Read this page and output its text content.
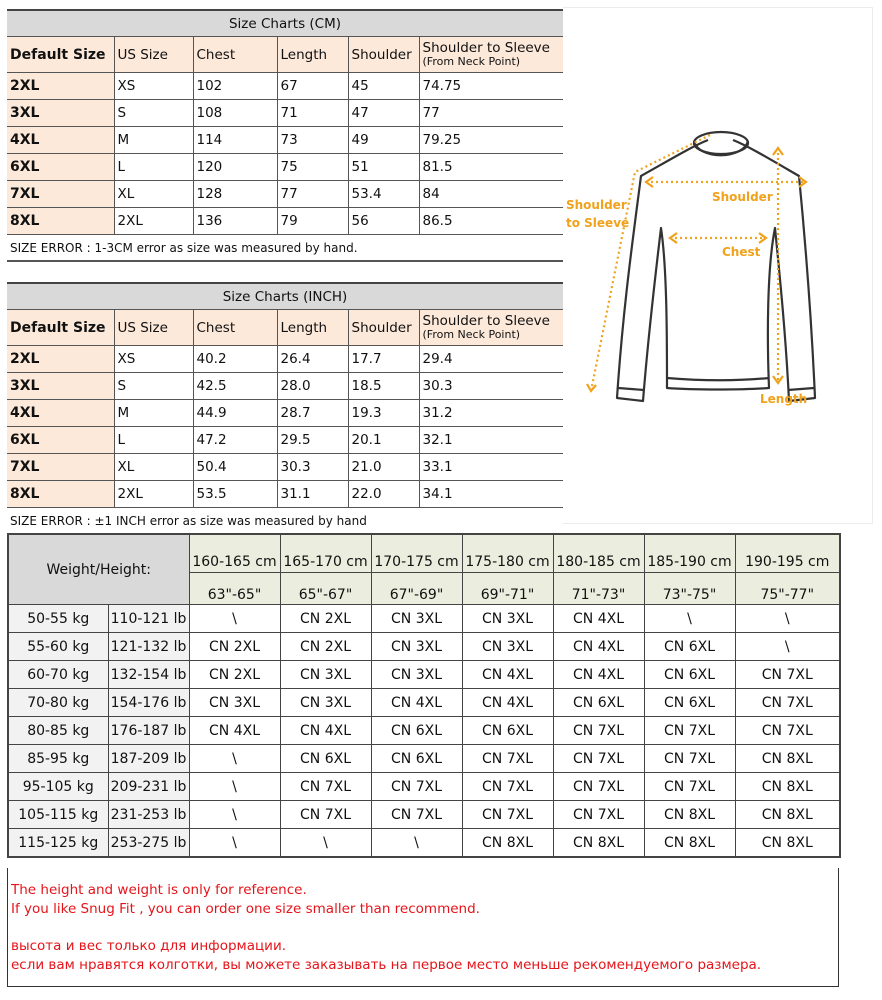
Size Charts (CM)					
Default Size	US Size	Chest	Length	Shoulder	Shoulder to Sleeve
(From Neck Point)

2XL	XS	102	67	45	74.75
3XL	S	108	71	47	77
4XL	M	114	73	49	79.25
6XL	L	120	75	51	81.5
7XL	XL	128	77	53.4	84
8XL	2XL	136	79	56	86.5
SIZE ERROR : 1-3CM error as size was measured by hand.					
Size Charts (INCH)					
Default Size	US Size	Chest	Length	Shoulder	Shoulder to Sleeve
(From Neck Point)

2XL	XS	40.2	26.4	17.7	29.4
3XL	S	42.5	28.0	18.5	30.3
4XL	M	44.9	28.7	19.3	31.2
6XL	L	47.2	29.5	20.1	32.1
7XL	XL	50.4	30.3	21.0	33.1
8XL	2XL	53.5	31.1	22.0	34.1
SIZE ERROR : ±1 INCH error as size was measured by hand					
Shoulder
to Sleeve
Shoulder
Chest
Length
Weight/Height:		160-165 cm	165-170 cm	170-175 cm	175-180 cm	180-185 cm	185-190 cm	190-195 cm
		63"-65"	65"-67"	67"-69"	69"-71"	71"-73"	73"-75"	75"-77"
50-55 kg	110-121 lb	\	CN 2XL	CN 3XL	CN 3XL	CN 4XL	\	\
55-60 kg	121-132 lb	CN 2XL	CN 2XL	CN 3XL	CN 3XL	CN 4XL	CN 6XL	\
60-70 kg	132-154 lb	CN 2XL	CN 3XL	CN 3XL	CN 4XL	CN 4XL	CN 6XL	CN 7XL
70-80 kg	154-176 lb	CN 3XL	CN 3XL	CN 4XL	CN 4XL	CN 6XL	CN 6XL	CN 7XL
80-85 kg	176-187 lb	CN 4XL	CN 4XL	CN 6XL	CN 6XL	CN 7XL	CN 7XL	CN 7XL
85-95 kg	187-209 lb	\	CN 6XL	CN 6XL	CN 7XL	CN 7XL	CN 7XL	CN 8XL
95-105 kg	209-231 lb	\	CN 7XL	CN 7XL	CN 7XL	CN 7XL	CN 7XL	CN 8XL
105-115 kg	231-253 lb	\	CN 7XL	CN 7XL	CN 7XL	CN 7XL	CN 8XL	CN 8XL
115-125 kg	253-275 lb	\	\	\	CN 8XL	CN 8XL	CN 8XL	CN 8XL

The height and weight is only for reference.

If you like Snug Fit , you can order one size smaller than recommend.

высота и вес только для информации.

если вам нравятся колготки, вы можете заказывать на первое место меньше рекомендуемого размера.
